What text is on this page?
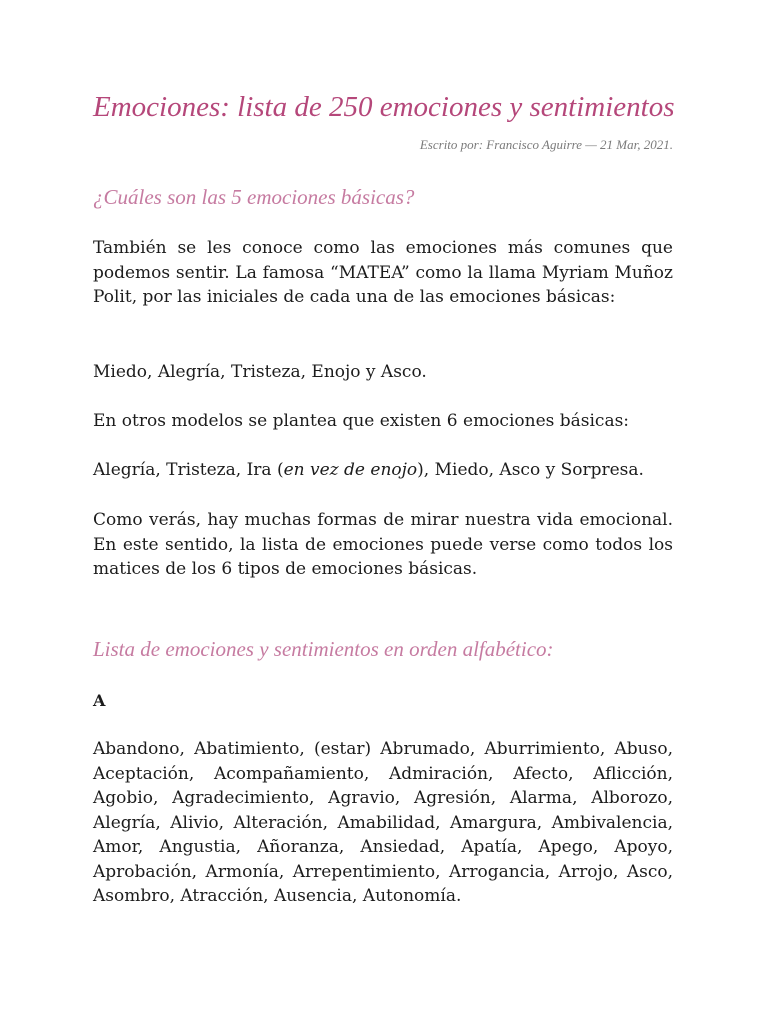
Emociones: lista de 250 emociones y sentimientos

Escrito por: Francisco Aguirre — 21 Mar, 2021.

¿Cuáles son las 5 emociones básicas?

También se les conoce como las emociones más comunes que podemos sentir. La famosa “MATEA” como la llama Myriam Muñoz Polit, por las iniciales de cada una de las emociones básicas:

Miedo, Alegría, Tristeza, Enojo y Asco.

En otros modelos se plantea que existen 6 emociones básicas:

Alegría, Tristeza, Ira (en vez de enojo), Miedo, Asco y Sorpresa.

Como verás, hay muchas formas de mirar nuestra vida emocional. En este sentido, la lista de emociones puede verse como todos los matices de los 6 tipos de emociones básicas.

Lista de emociones y sentimientos en orden alfabético:

A

Abandono, Abatimiento, (estar) Abrumado, Aburrimiento, Abuso, Aceptación, Acompañamiento, Admiración, Afecto, Aflicción, Agobio, Agradecimiento, Agravio, Agresión, Alarma, Alborozo, Alegría, Alivio, Alteración, Amabilidad, Amargura, Ambivalencia, Amor, Angustia, Añoranza, Ansiedad, Apatía, Apego, Apoyo, Aprobación, Armonía, Arrepentimiento, Arrogancia, Arrojo, Asco, Asombro, Atracción, Ausencia, Autonomía.
